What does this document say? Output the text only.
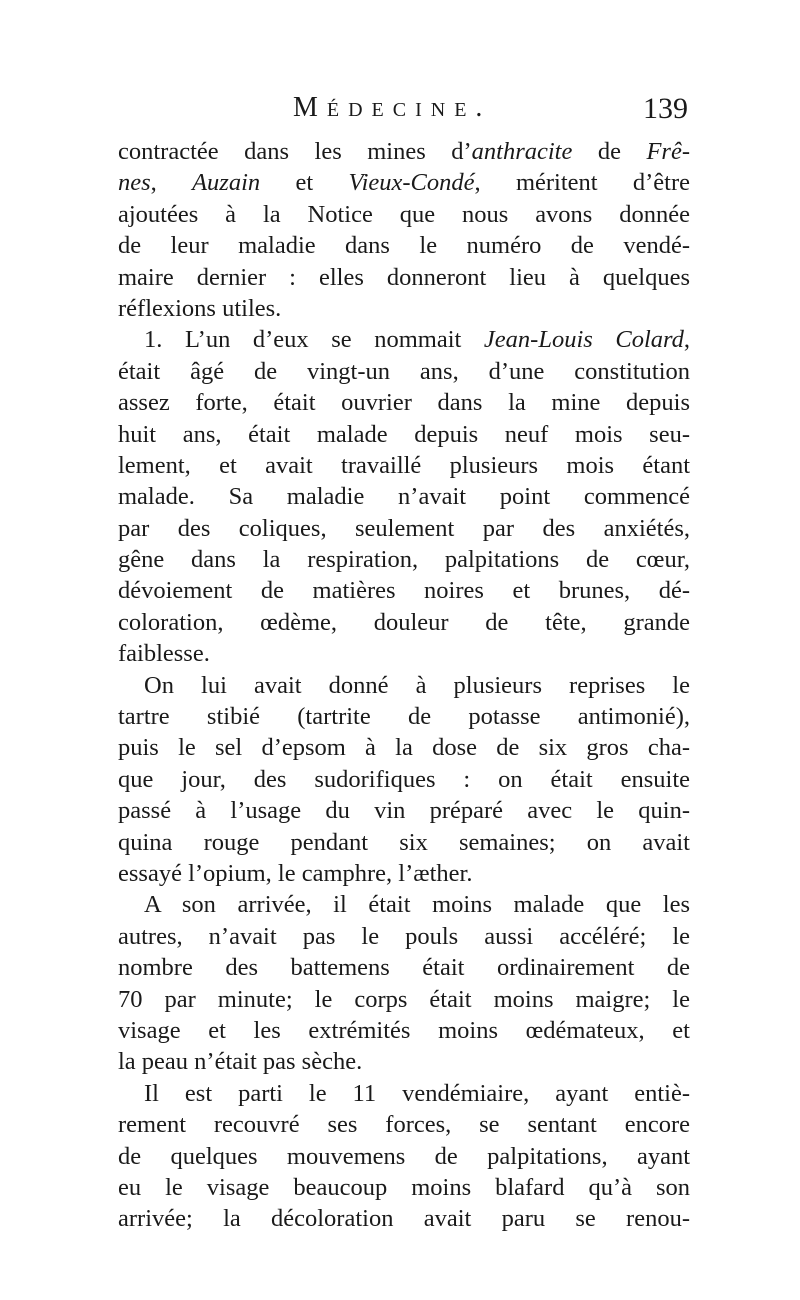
Médecine.	139
contractée dans les mines d’anthracite de Frê-
nes, Auzain et Vieux-Condé, méritent d’être
ajoutées à la Notice que nous avons donnée
de leur maladie dans le numéro de vendé-
maire dernier : elles donneront lieu à quelques
réflexions utiles.
1. L’un d’eux se nommait Jean-Louis Colard,
était âgé de vingt-un ans, d’une constitution
assez forte, était ouvrier dans la mine depuis
huit ans, était malade depuis neuf mois seu-
lement, et avait travaillé plusieurs mois étant
malade. Sa maladie n’avait point commencé
par des coliques, seulement par des anxiétés,
gêne dans la respiration, palpitations de cœur,
dévoiement de matières noires et brunes, dé-
coloration, œdème, douleur de tête, grande
faiblesse.
On lui avait donné à plusieurs reprises le
tartre stibié (tartrite de potasse antimonié),
puis le sel d’epsom à la dose de six gros cha-
que jour, des sudorifiques : on était ensuite
passé à l’usage du vin préparé avec le quin-
quina rouge pendant six semaines; on avait
essayé l’opium, le camphre, l’æther.
A son arrivée, il était moins malade que les
autres, n’avait pas le pouls aussi accéléré; le
nombre des battemens était ordinairement de
70 par minute; le corps était moins maigre; le
visage et les extrémités moins œdémateux, et
la peau n’était pas sèche.
Il est parti le 11 vendémiaire, ayant entiè-
rement recouvré ses forces, se sentant encore
de quelques mouvemens de palpitations, ayant
eu le visage beaucoup moins blafard qu’à son
arrivée; la décoloration avait paru se renou-
